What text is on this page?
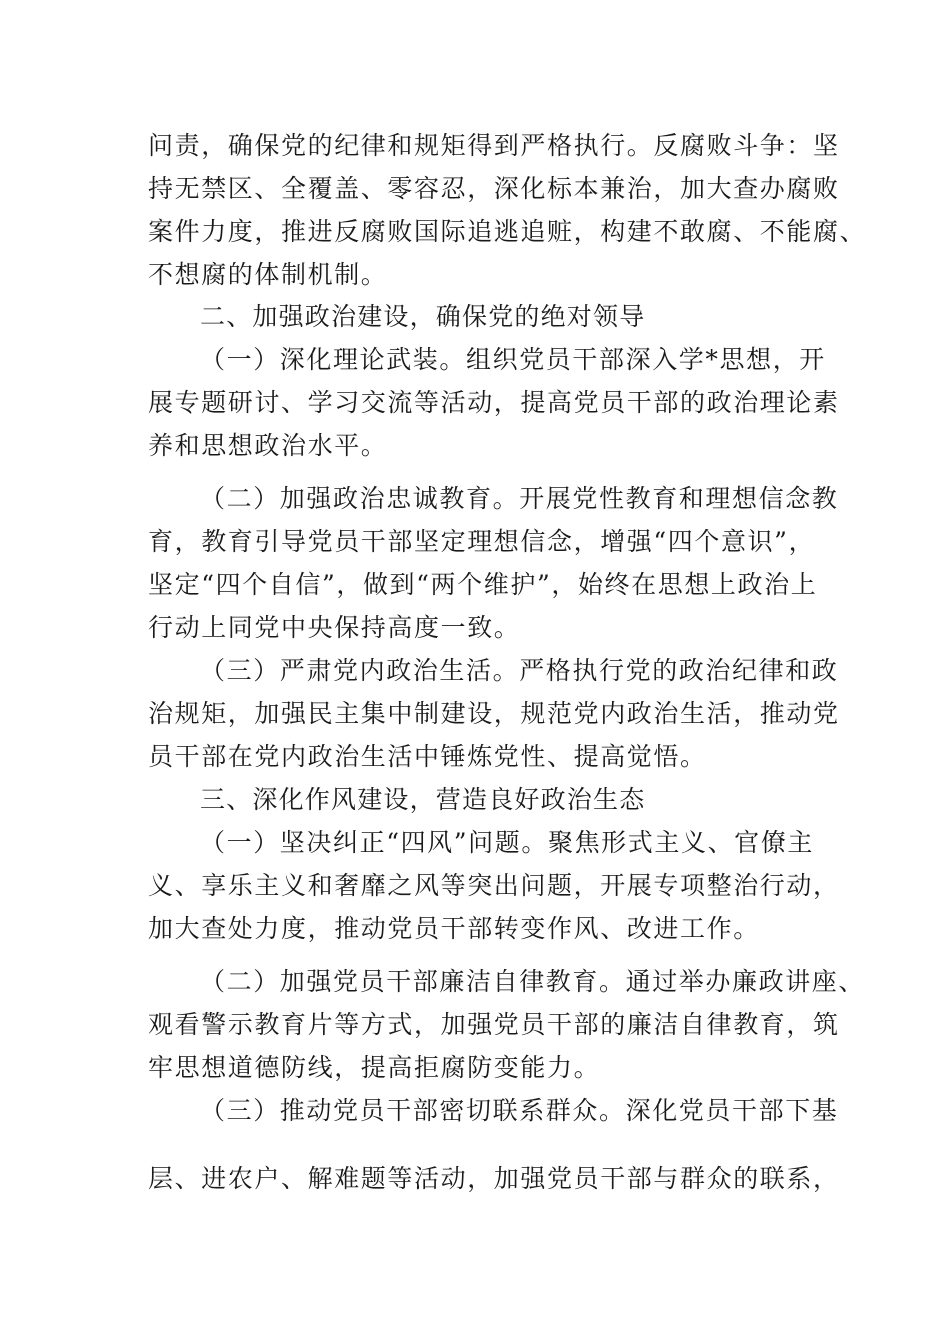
问责，确保党的纪律和规矩得到严格执行。反腐败斗争：坚
持无禁区、全覆盖、零容忍，深化标本兼治，加大查办腐败
案件力度，推进反腐败国际追逃追赃，构建不敢腐、不能腐、
不想腐的体制机制。
二、加强政治建设，确保党的绝对领导
（一）深化理论武装。组织党员干部深入学*思想，开
展专题研讨、学习交流等活动，提高党员干部的政治理论素
养和思想政治水平。
（二）加强政治忠诚教育。开展党性教育和理想信念教
育，教育引导党员干部坚定理想信念，增强“四个意识”，
坚定“四个自信”，做到“两个维护”，始终在思想上政治上
行动上同党中央保持高度一致。
（三）严肃党内政治生活。严格执行党的政治纪律和政
治规矩，加强民主集中制建设，规范党内政治生活，推动党
员干部在党内政治生活中锤炼党性、提高觉悟。
三、深化作风建设，营造良好政治生态
（一）坚决纠正“四风”问题。聚焦形式主义、官僚主
义、享乐主义和奢靡之风等突出问题，开展专项整治行动，
加大查处力度，推动党员干部转变作风、改进工作。
（二）加强党员干部廉洁自律教育。通过举办廉政讲座、
观看警示教育片等方式，加强党员干部的廉洁自律教育，筑
牢思想道德防线，提高拒腐防变能力。
（三）推动党员干部密切联系群众。深化党员干部下基
层、进农户、解难题等活动，加强党员干部与群众的联系，
